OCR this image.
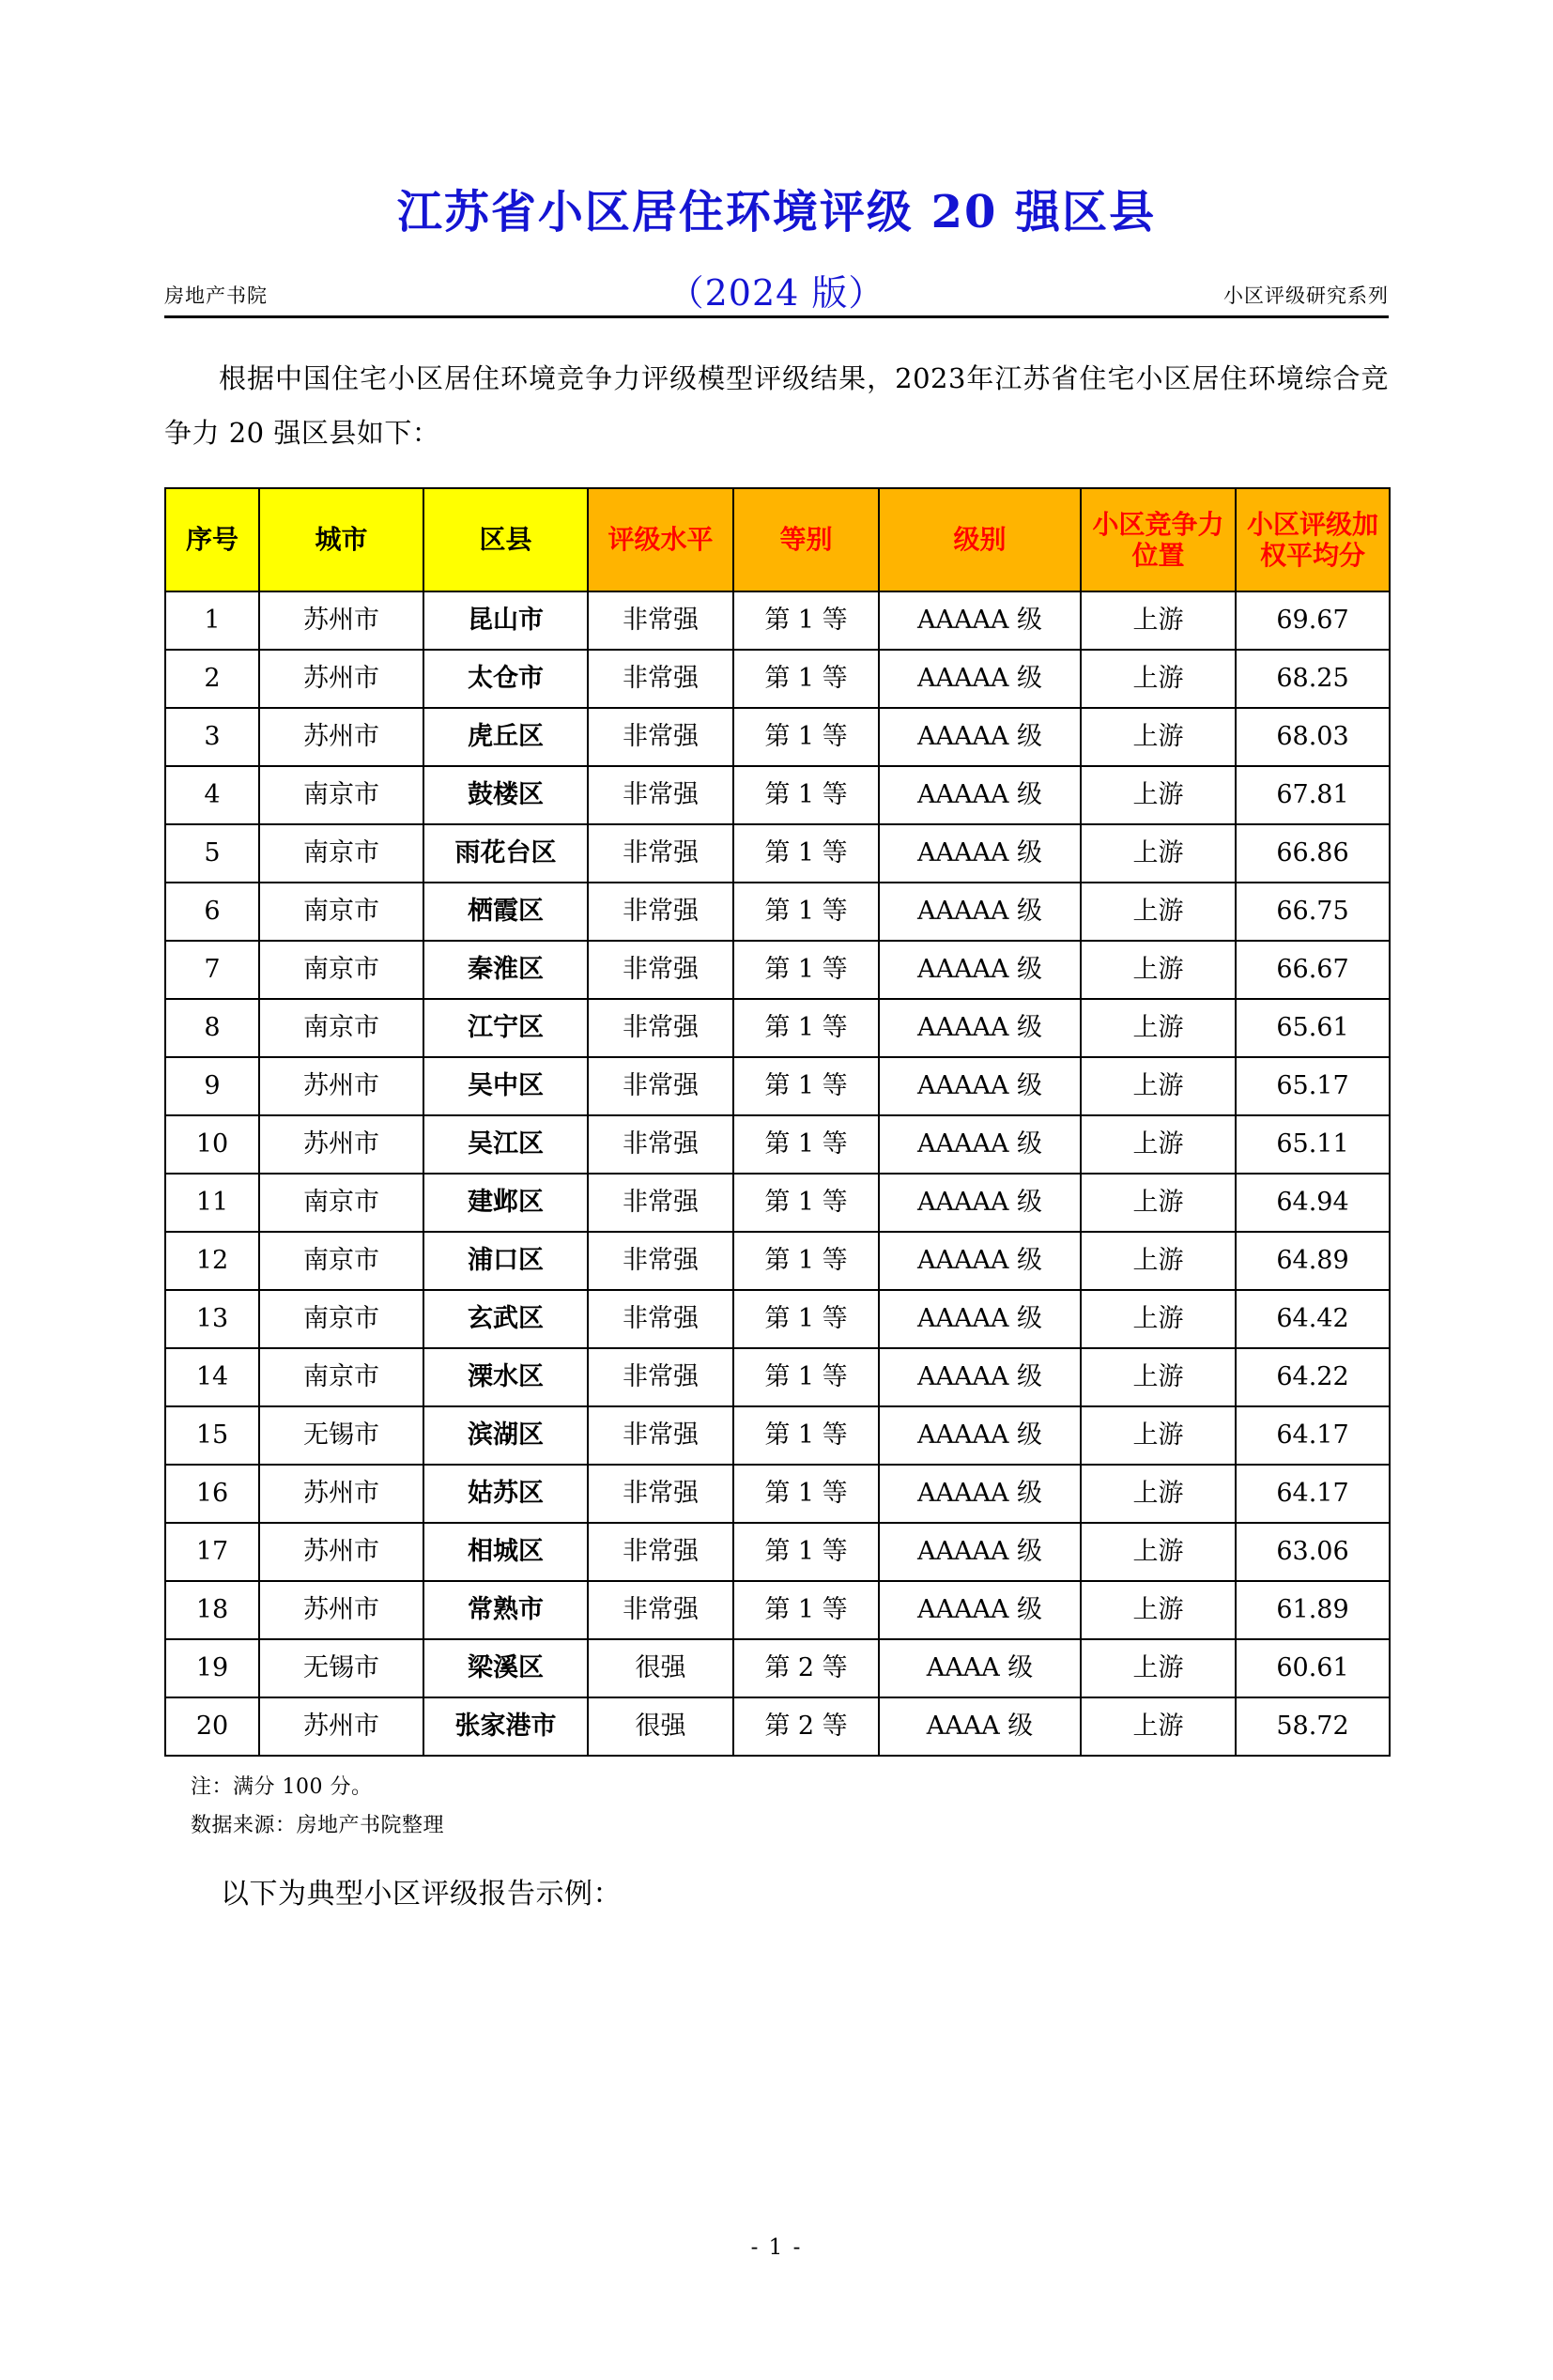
房地产书院	小区评级研究系列
江苏省小区居住环境评级 20 强区县
（2024 版）

根据中国住宅小区居住环境竞争力评级模型评级结果，2023年江苏省住宅小区居住环境综合竞争力 20 强区县如下：

序号	城市	区县	评级水平	等别	级别	小区竞争力位置	小区评级加权平均分
1	苏州市	昆山市	非常强	第 1 等	AAAAA 级	上游	69.67
2	苏州市	太仓市	非常强	第 1 等	AAAAA 级	上游	68.25
3	苏州市	虎丘区	非常强	第 1 等	AAAAA 级	上游	68.03
4	南京市	鼓楼区	非常强	第 1 等	AAAAA 级	上游	67.81
5	南京市	雨花台区	非常强	第 1 等	AAAAA 级	上游	66.86
6	南京市	栖霞区	非常强	第 1 等	AAAAA 级	上游	66.75
7	南京市	秦淮区	非常强	第 1 等	AAAAA 级	上游	66.67
8	南京市	江宁区	非常强	第 1 等	AAAAA 级	上游	65.61
9	苏州市	吴中区	非常强	第 1 等	AAAAA 级	上游	65.17
10	苏州市	吴江区	非常强	第 1 等	AAAAA 级	上游	65.11
11	南京市	建邺区	非常强	第 1 等	AAAAA 级	上游	64.94
12	南京市	浦口区	非常强	第 1 等	AAAAA 级	上游	64.89
13	南京市	玄武区	非常强	第 1 等	AAAAA 级	上游	64.42
14	南京市	溧水区	非常强	第 1 等	AAAAA 级	上游	64.22
15	无锡市	滨湖区	非常强	第 1 等	AAAAA 级	上游	64.17
16	苏州市	姑苏区	非常强	第 1 等	AAAAA 级	上游	64.17
17	苏州市	相城区	非常强	第 1 等	AAAAA 级	上游	63.06
18	苏州市	常熟市	非常强	第 1 等	AAAAA 级	上游	61.89
19	无锡市	梁溪区	很强	第 2 等	AAAA 级	上游	60.61
20	苏州市	张家港市	很强	第 2 等	AAAA 级	上游	58.72
注：满分 100 分。
数据来源：房地产书院整理
以下为典型小区评级报告示例：
- 1 -
